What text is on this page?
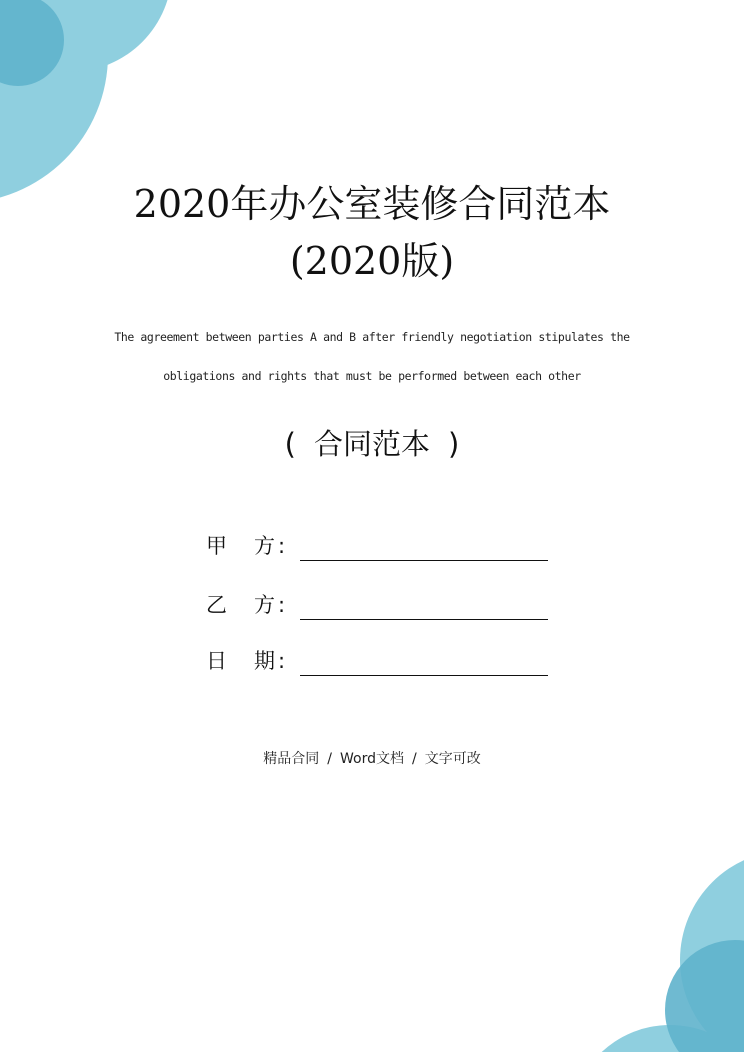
2020年办公室装修合同范本
(2020版)
The agreement between parties A and B after friendly negotiation stipulates the
obligations and rights that must be performed between each other
( 合同范本 )
甲 方 :
乙 方 :
日 期 :
精品合同 / Word文档 / 文字可改
